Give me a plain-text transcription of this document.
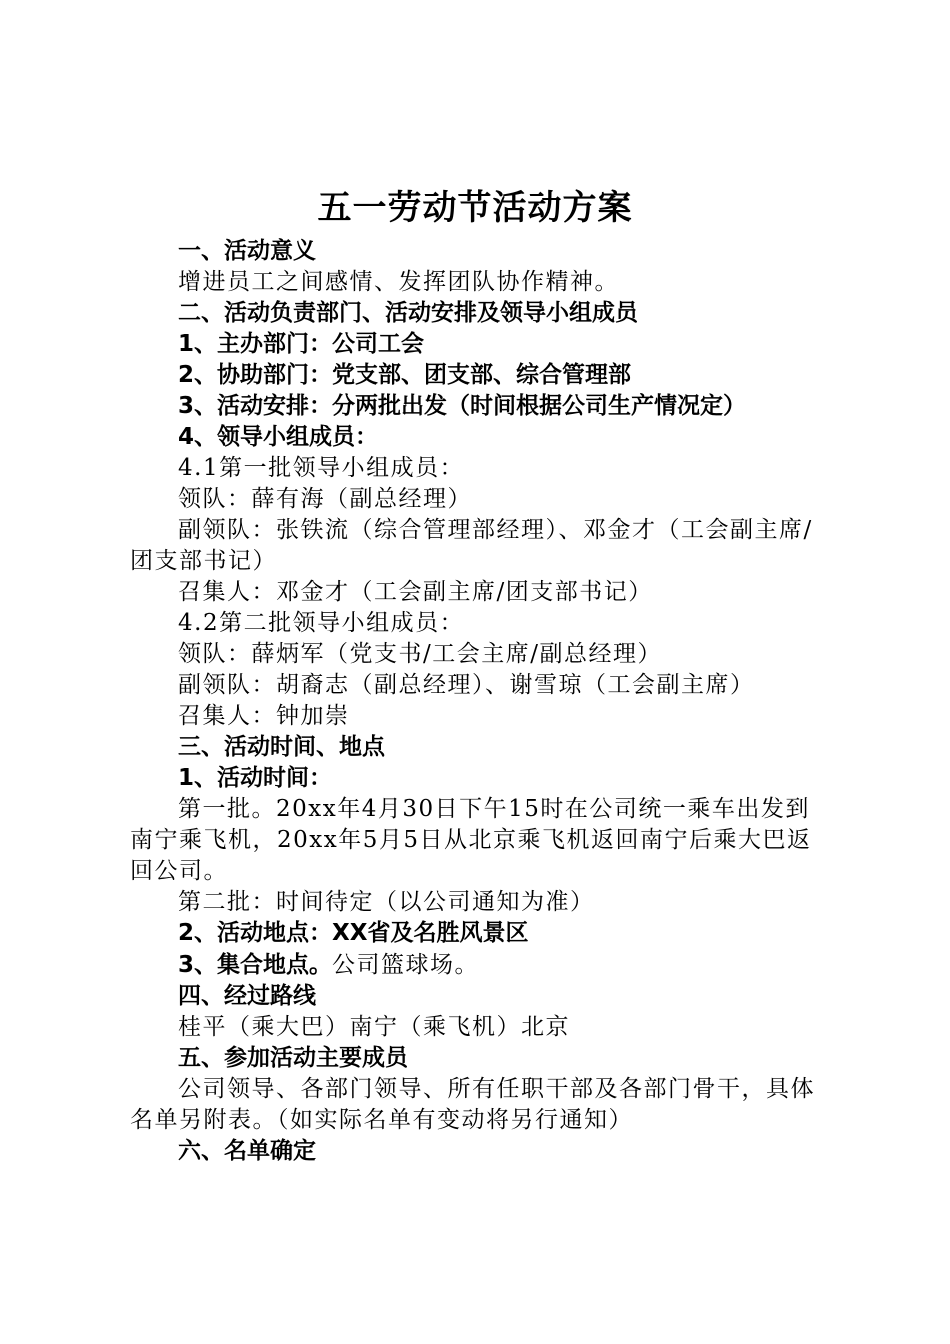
五一劳动节活动方案

一、活动意义

增进员工之间感情、发挥团队协作精神。

二、活动负责部门、活动安排及领导小组成员

1、主办部门：公司工会

2、协助部门：党支部、团支部、综合管理部

3、活动安排：分两批出发（时间根据公司生产情况定）

4、领导小组成员：

4.1第一批领导小组成员：

领队：薛有海（副总经理）

副领队：张铁流（综合管理部经理）、邓金才（工会副主席/团支部书记）

召集人：邓金才（工会副主席/团支部书记）

4.2第二批领导小组成员：

领队：薛炳军（党支书/工会主席/副总经理）

副领队：胡裔志（副总经理）、谢雪琼（工会副主席）

召集人：钟加崇

三、活动时间、地点

1、活动时间：

第一批。20xx年4月30日下午15时在公司统一乘车出发到南宁乘飞机，20xx年5月5日从北京乘飞机返回南宁后乘大巴返回公司。

第二批：时间待定（以公司通知为准）

2、活动地点：XX省及名胜风景区

3、集合地点。公司篮球场。

四、经过路线

桂平（乘大巴）南宁（乘飞机）北京

五、参加活动主要成员

公司领导、各部门领导、所有任职干部及各部门骨干，具体名单另附表。（如实际名单有变动将另行通知）

六、名单确定
